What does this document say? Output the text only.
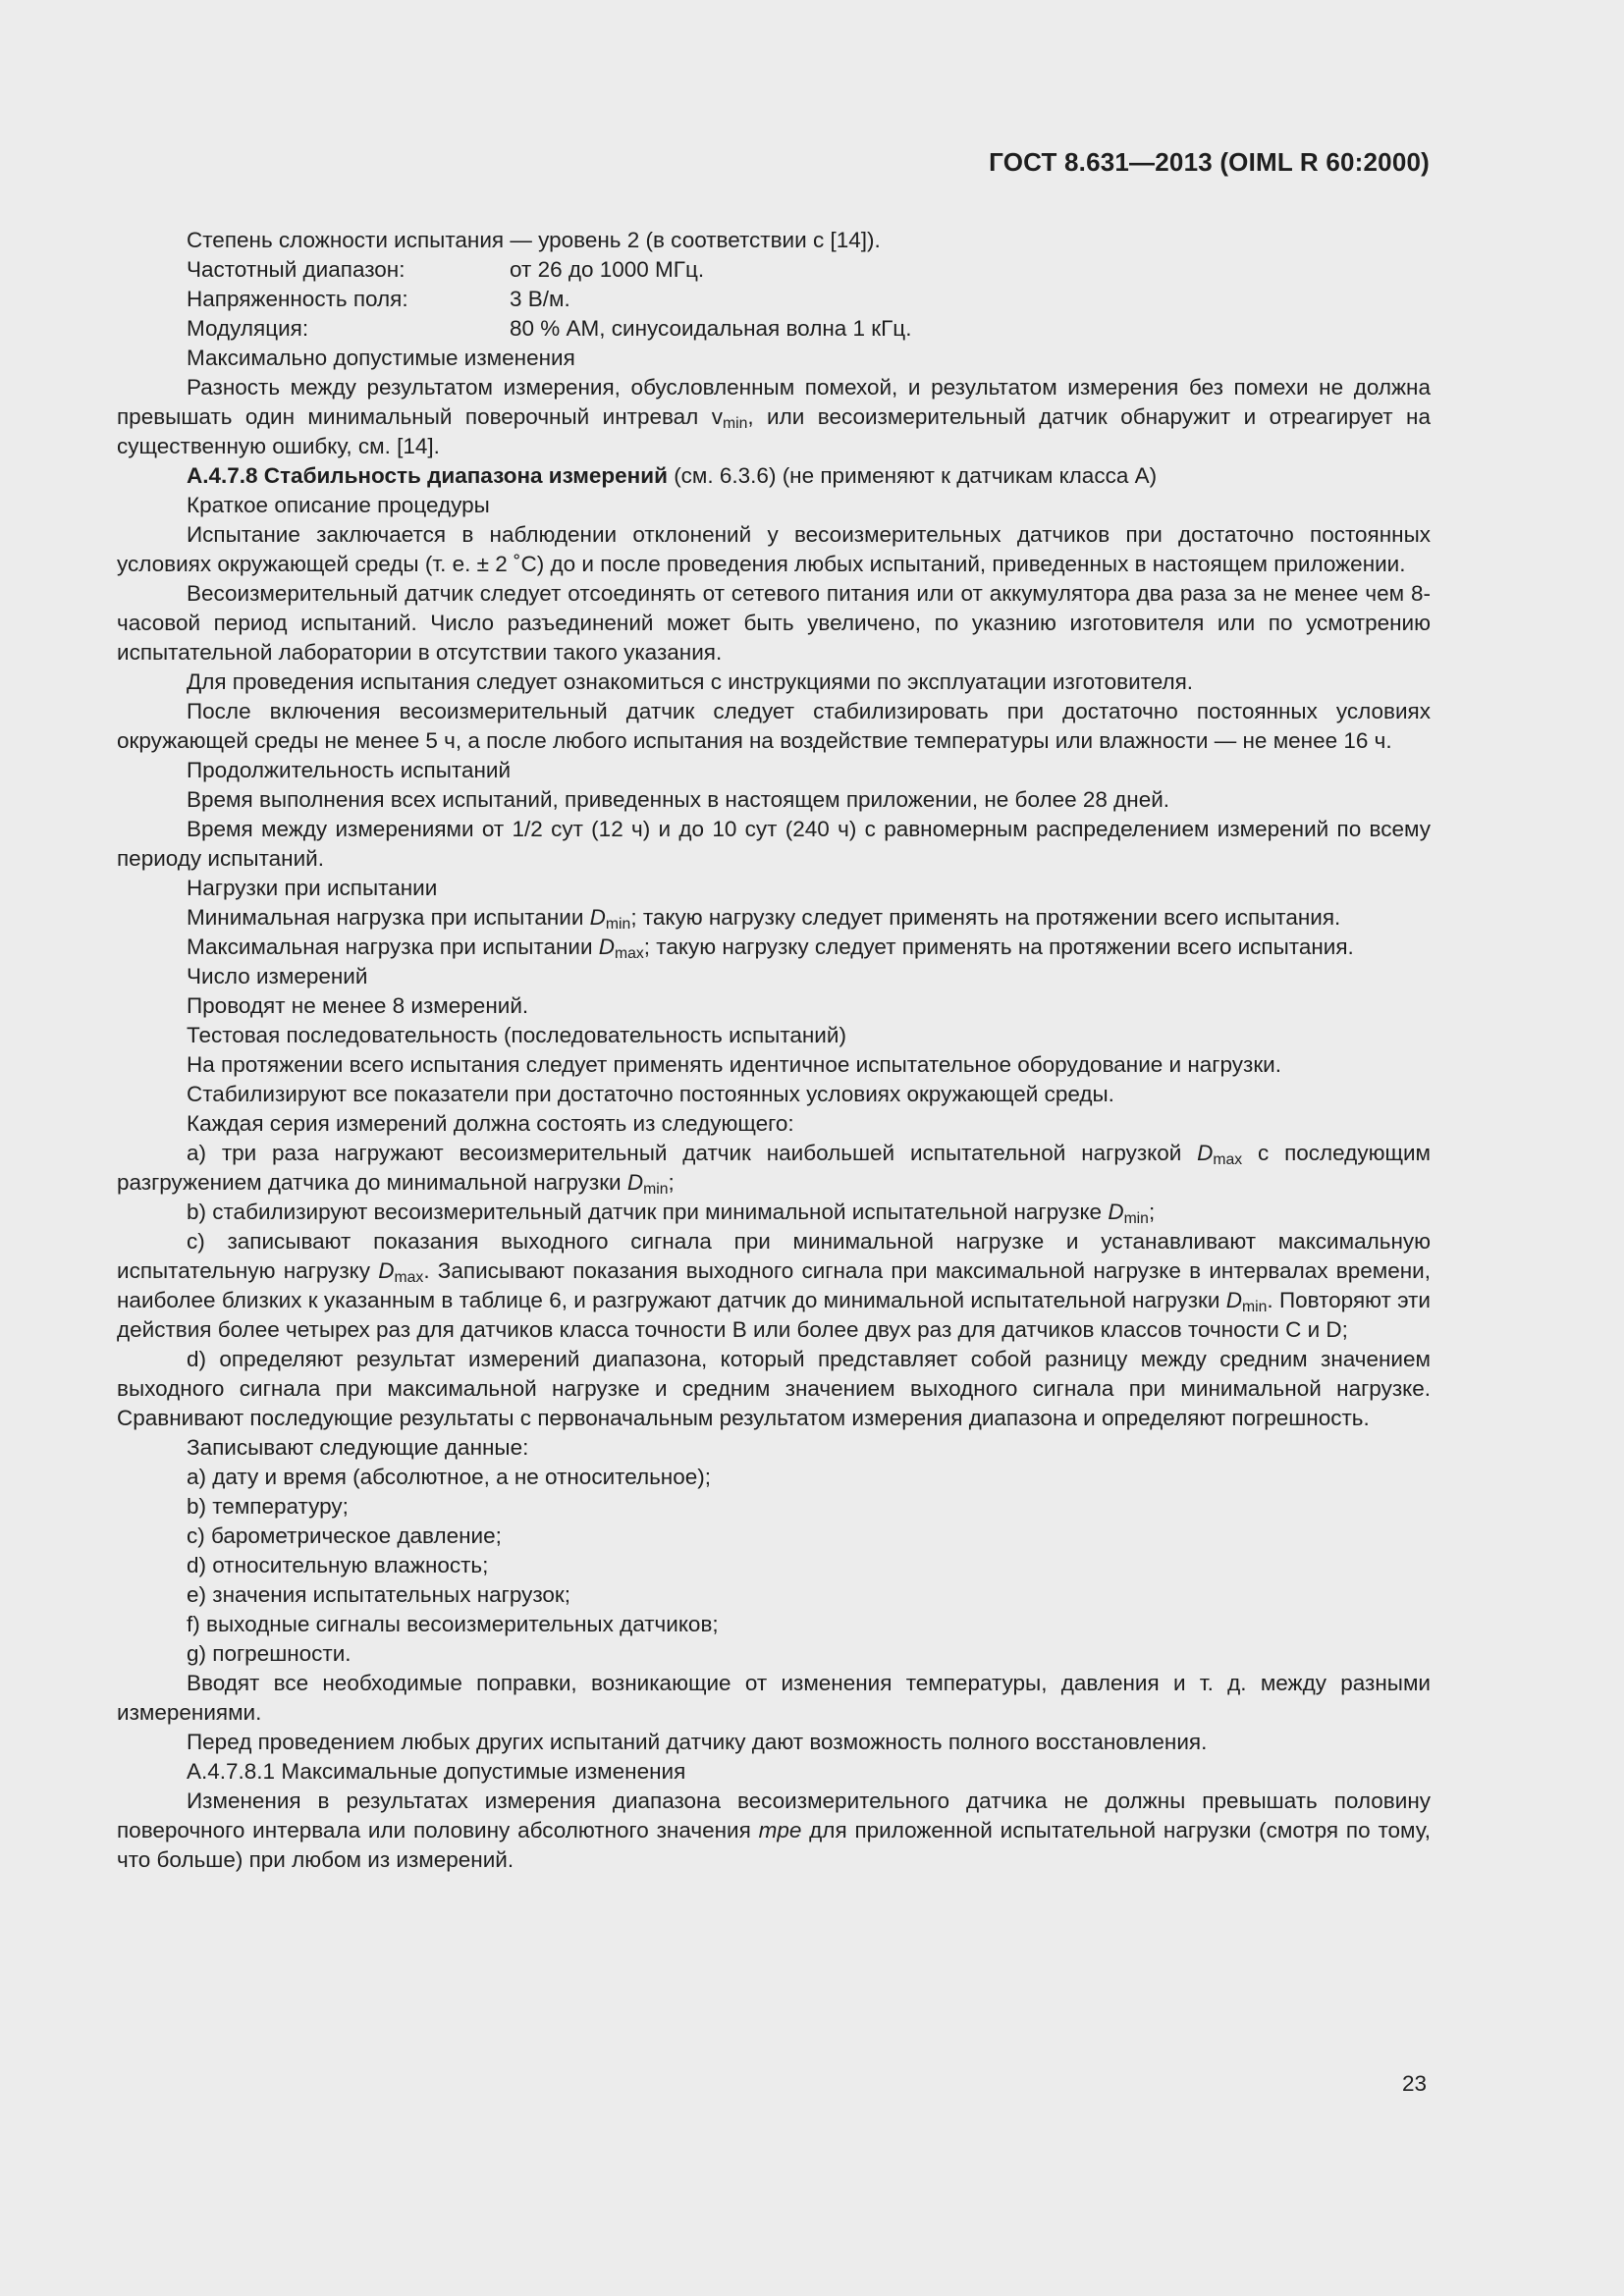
ГОСТ 8.631—2013 (OIML R 60:2000)

Степень сложности испытания — уровень 2 (в соответствии с [14]).

Частотный диапазон:	от 26 до 1000 МГц.
Напряженность поля:	3 В/м.
Модуляция:	80 % АМ, синусоидальная волна 1 кГц.

Максимально допустимые изменения

Разность между результатом измерения, обусловленным помехой, и результатом измерения без помехи не должна превышать один минимальный поверочный интревал $v_{min}$, или весоизмерительный датчик обнаружит и отреагирует на существенную ошибку, см. [14].

А.4.7.8 Стабильность диапазона измерений (см. 6.3.6) (не применяют к датчикам класса А)

Краткое описание процедуры

Испытание заключается в наблюдении отклонений у весоизмерительных датчиков при достаточно постоянных условиях окружающей среды (т. е. ± 2 ˚С) до и после проведения любых испытаний, приведенных в настоящем приложении.

Весоизмерительный датчик следует отсоединять от сетевого питания или от аккумулятора два раза за не менее чем 8-часовой период испытаний. Число разъединений может быть увеличено, по указнию изготовителя или по усмотрению испытательной лаборатории в отсутствии такого указания.

Для проведения испытания следует ознакомиться с инструкциями по эксплуатации изготовителя.

После включения весоизмерительный датчик следует стабилизировать при достаточно постоянных условиях окружающей среды не менее 5 ч, а после любого испытания на воздействие температуры или влажности — не менее 16 ч.

Продолжительность испытаний

Время выполнения всех испытаний, приведенных в настоящем приложении, не более 28 дней.

Время между измерениями от 1/2 сут (12 ч) и до 10 сут (240 ч) с равномерным распределением измерений по всему периоду испытаний.

Нагрузки при испытании

Минимальная нагрузка при испытании $D_{min}$; такую нагрузку следует применять на протяжении всего испытания.

Максимальная нагрузка при испытании $D_{max}$; такую нагрузку следует применять на протяжении всего испытания.

Число измерений

Проводят не менее 8 измерений.

Тестовая последовательность (последовательность испытаний)

На протяжении всего испытания следует применять идентичное испытательное оборудование и нагрузки.

Стабилизируют все показатели при достаточно постоянных условиях окружающей среды.

Каждая серия измерений должна состоять из следующего:

а) три раза нагружают весоизмерительный датчик наибольшей испытательной нагрузкой $D_{max}$ с последующим разгружением датчика до минимальной нагрузки $D_{min}$;

b) стабилизируют весоизмерительный датчик при минимальной испытательной нагрузке $D_{min}$;

с) записывают показания выходного сигнала при минимальной нагрузке и устанавливают максимальную испытательную нагрузку $D_{max}$. Записывают показания выходного сигнала при максимальной нагрузке в интервалах времени, наиболее близких к указанным в таблице 6, и разгружают датчик до минимальной испытательной нагрузки $D_{min}$. Повторяют эти действия более четырех раз для датчиков класса точности В или более двух раз для датчиков классов точности С и D;

d) определяют результат измерений диапазона, который представляет собой разницу между средним значением выходного сигнала при максимальной нагрузке и средним значением выходного сигнала при минимальной нагрузке. Сравнивают последующие результаты с первоначальным результатом измерения диапазона и определяют погрешность.

Записывают следующие данные:

а) дату и время (абсолютное, а не относительное);

b) температуру;

с) барометрическое давление;

d) относительную влажность;

е) значения испытательных нагрузок;

f) выходные сигналы весоизмерительных датчиков;

g) погрешности.

Вводят все необходимые поправки, возникающие от изменения температуры, давления и т. д. между разными измерениями.

Перед проведением любых других испытаний датчику дают возможность полного восстановления.

А.4.7.8.1 Максимальные допустимые изменения

Изменения в результатах измерения диапазона весоизмерительного датчика не должны превышать половину поверочного интервала или половину абсолютного значения mpe для приложенной испытательной нагрузки (смотря по тому, что больше) при любом из измерений.

23
